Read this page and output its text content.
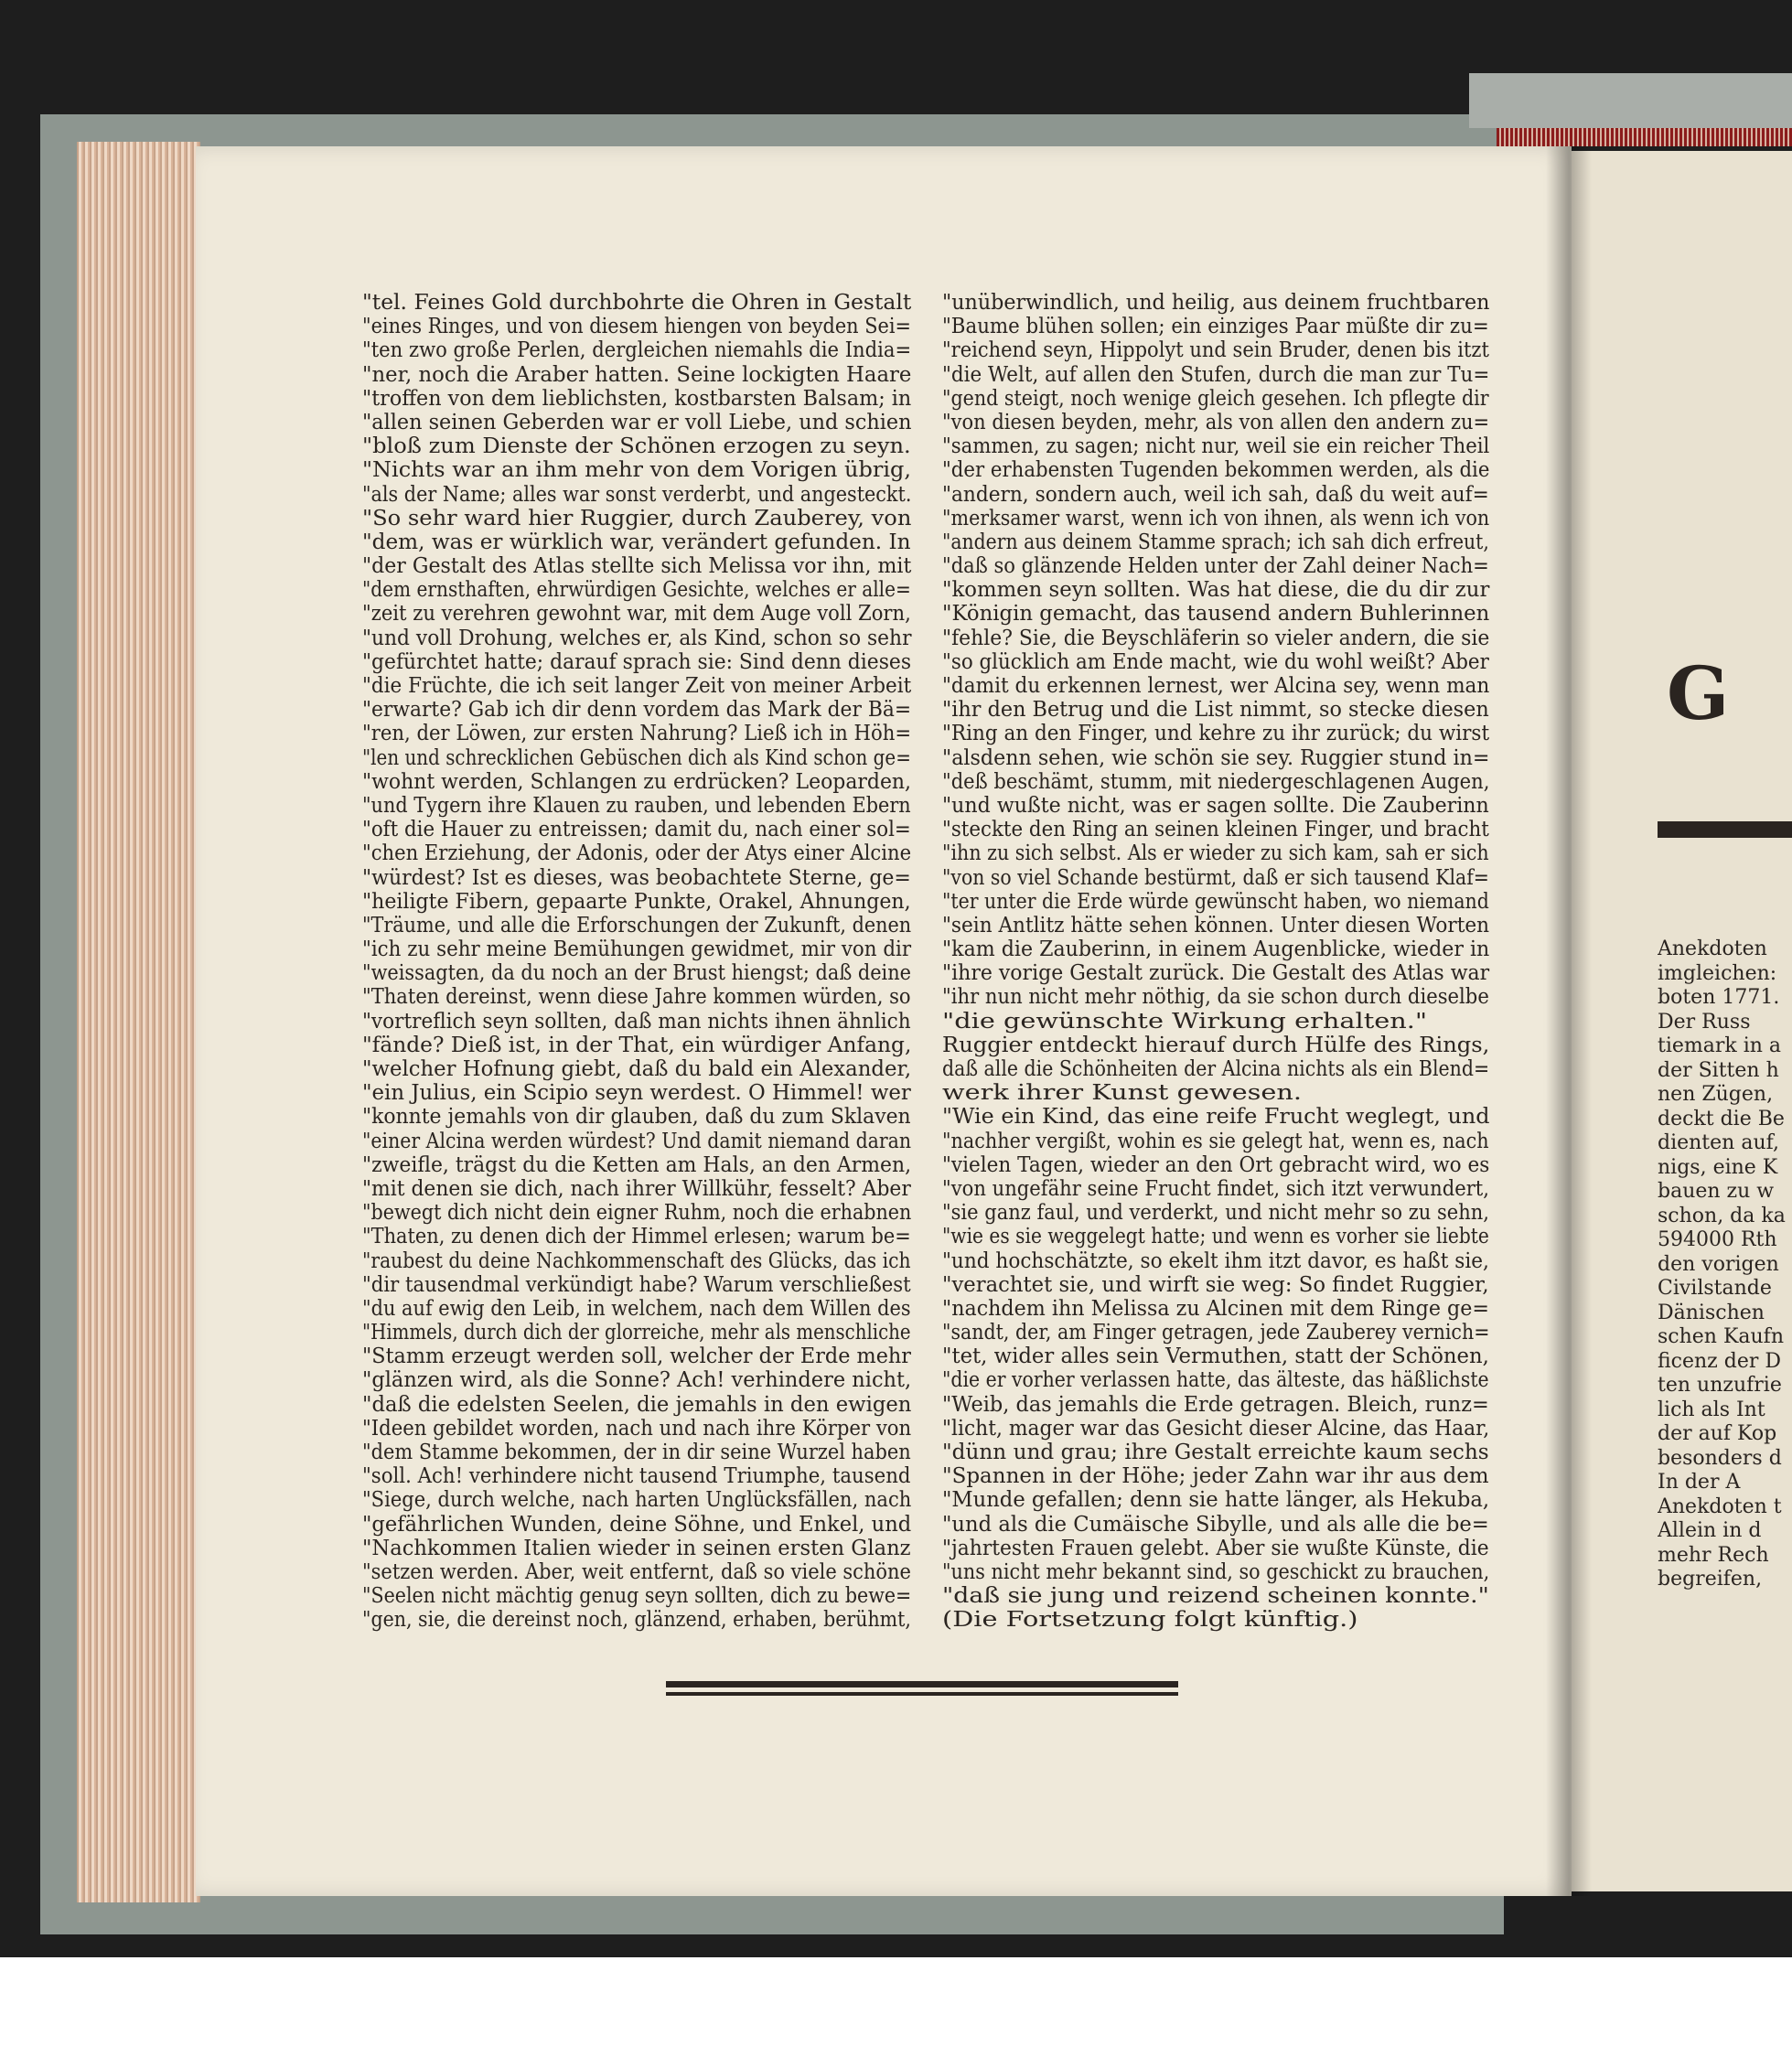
G
Anekdoten
imgleichen:
boten 1771.
Der Russ
tiemark in a
der Sitten h
nen Zügen,
deckt die Be
dienten auf,
nigs, eine K
bauen zu w
schon, da ka
594000 Rth
den vorigen
Civilstande
Dänischen
schen Kaufn
ficenz der D
ten unzufrie
lich als Int
der auf Kop
besonders d
In der A
Anekdoten t
Allein in d
mehr Rech
begreifen,
"tel. Feines Gold durchbohrte die Ohren in Gestalt
"eines Ringes, und von diesem hiengen von beyden Sei=
"ten zwo große Perlen, dergleichen niemahls die India=
"ner, noch die Araber hatten. Seine lockigten Haare
"troffen von dem lieblichsten, kostbarsten Balsam; in
"allen seinen Geberden war er voll Liebe, und schien
"bloß zum Dienste der Schönen erzogen zu seyn.
"Nichts war an ihm mehr von dem Vorigen übrig,
"als der Name; alles war sonst verderbt, und angesteckt.
"So sehr ward hier Ruggier, durch Zauberey, von
"dem, was er würklich war, verändert gefunden. In
"der Gestalt des Atlas stellte sich Melissa vor ihn, mit
"dem ernsthaften, ehrwürdigen Gesichte, welches er alle=
"zeit zu verehren gewohnt war, mit dem Auge voll Zorn,
"und voll Drohung, welches er, als Kind, schon so sehr
"gefürchtet hatte; darauf sprach sie: Sind denn dieses
"die Früchte, die ich seit langer Zeit von meiner Arbeit
"erwarte? Gab ich dir denn vordem das Mark der Bä=
"ren, der Löwen, zur ersten Nahrung? Ließ ich in Höh=
"len und schrecklichen Gebüschen dich als Kind schon ge=
"wohnt werden, Schlangen zu erdrücken? Leoparden,
"und Tygern ihre Klauen zu rauben, und lebenden Ebern
"oft die Hauer zu entreissen; damit du, nach einer sol=
"chen Erziehung, der Adonis, oder der Atys einer Alcine
"würdest? Ist es dieses, was beobachtete Sterne, ge=
"heiligte Fibern, gepaarte Punkte, Orakel, Ahnungen,
"Träume, und alle die Erforschungen der Zukunft, denen
"ich zu sehr meine Bemühungen gewidmet, mir von dir
"weissagten, da du noch an der Brust hiengst; daß deine
"Thaten dereinst, wenn diese Jahre kommen würden, so
"vortreflich seyn sollten, daß man nichts ihnen ähnlich
"fände? Dieß ist, in der That, ein würdiger Anfang,
"welcher Hofnung giebt, daß du bald ein Alexander,
"ein Julius, ein Scipio seyn werdest. O Himmel! wer
"konnte jemahls von dir glauben, daß du zum Sklaven
"einer Alcina werden würdest? Und damit niemand daran
"zweifle, trägst du die Ketten am Hals, an den Armen,
"mit denen sie dich, nach ihrer Willkühr, fesselt? Aber
"bewegt dich nicht dein eigner Ruhm, noch die erhabnen
"Thaten, zu denen dich der Himmel erlesen; warum be=
"raubest du deine Nachkommenschaft des Glücks, das ich
"dir tausendmal verkündigt habe? Warum verschließest
"du auf ewig den Leib, in welchem, nach dem Willen des
"Himmels, durch dich der glorreiche, mehr als menschliche
"Stamm erzeugt werden soll, welcher der Erde mehr
"glänzen wird, als die Sonne? Ach! verhindere nicht,
"daß die edelsten Seelen, die jemahls in den ewigen
"Ideen gebildet worden, nach und nach ihre Körper von
"dem Stamme bekommen, der in dir seine Wurzel haben
"soll. Ach! verhindere nicht tausend Triumphe, tausend
"Siege, durch welche, nach harten Unglücksfällen, nach
"gefährlichen Wunden, deine Söhne, und Enkel, und
"Nachkommen Italien wieder in seinen ersten Glanz
"setzen werden. Aber, weit entfernt, daß so viele schöne
"Seelen nicht mächtig genug seyn sollten, dich zu bewe=
"gen, sie, die dereinst noch, glänzend, erhaben, berühmt,
"unüberwindlich, und heilig, aus deinem fruchtbaren
"Baume blühen sollen; ein einziges Paar müßte dir zu=
"reichend seyn, Hippolyt und sein Bruder, denen bis itzt
"die Welt, auf allen den Stufen, durch die man zur Tu=
"gend steigt, noch wenige gleich gesehen. Ich pflegte dir
"von diesen beyden, mehr, als von allen den andern zu=
"sammen, zu sagen; nicht nur, weil sie ein reicher Theil
"der erhabensten Tugenden bekommen werden, als die
"andern, sondern auch, weil ich sah, daß du weit auf=
"merksamer warst, wenn ich von ihnen, als wenn ich von
"andern aus deinem Stamme sprach; ich sah dich erfreut,
"daß so glänzende Helden unter der Zahl deiner Nach=
"kommen seyn sollten. Was hat diese, die du dir zur
"Königin gemacht, das tausend andern Buhlerinnen
"fehle? Sie, die Beyschläferin so vieler andern, die sie
"so glücklich am Ende macht, wie du wohl weißt? Aber
"damit du erkennen lernest, wer Alcina sey, wenn man
"ihr den Betrug und die List nimmt, so stecke diesen
"Ring an den Finger, und kehre zu ihr zurück; du wirst
"alsdenn sehen, wie schön sie sey. Ruggier stund in=
"deß beschämt, stumm, mit niedergeschlagenen Augen,
"und wußte nicht, was er sagen sollte. Die Zauberinn
"steckte den Ring an seinen kleinen Finger, und bracht
"ihn zu sich selbst. Als er wieder zu sich kam, sah er sich
"von so viel Schande bestürmt, daß er sich tausend Klaf=
"ter unter die Erde würde gewünscht haben, wo niemand
"sein Antlitz hätte sehen können. Unter diesen Worten
"kam die Zauberinn, in einem Augenblicke, wieder in
"ihre vorige Gestalt zurück. Die Gestalt des Atlas war
"ihr nun nicht mehr nöthig, da sie schon durch dieselbe
"die gewünschte Wirkung erhalten."
Ruggier entdeckt hierauf durch Hülfe des Rings,
daß alle die Schönheiten der Alcina nichts als ein Blend=
werk ihrer Kunst gewesen.
"Wie ein Kind, das eine reife Frucht weglegt, und
"nachher vergißt, wohin es sie gelegt hat, wenn es, nach
"vielen Tagen, wieder an den Ort gebracht wird, wo es
"von ungefähr seine Frucht findet, sich itzt verwundert,
"sie ganz faul, und verderkt, und nicht mehr so zu sehn,
"wie es sie weggelegt hatte; und wenn es vorher sie liebte
"und hochschätzte, so ekelt ihm itzt davor, es haßt sie,
"verachtet sie, und wirft sie weg: So findet Ruggier,
"nachdem ihn Melissa zu Alcinen mit dem Ringe ge=
"sandt, der, am Finger getragen, jede Zauberey vernich=
"tet, wider alles sein Vermuthen, statt der Schönen,
"die er vorher verlassen hatte, das älteste, das häßlichste
"Weib, das jemahls die Erde getragen. Bleich, runz=
"licht, mager war das Gesicht dieser Alcine, das Haar,
"dünn und grau; ihre Gestalt erreichte kaum sechs
"Spannen in der Höhe; jeder Zahn war ihr aus dem
"Munde gefallen; denn sie hatte länger, als Hekuba,
"und als die Cumäische Sibylle, und als alle die be=
"jahrtesten Frauen gelebt. Aber sie wußte Künste, die
"uns nicht mehr bekannt sind, so geschickt zu brauchen,
"daß sie jung und reizend scheinen konnte."
(Die Fortsetzung folgt künftig.)
